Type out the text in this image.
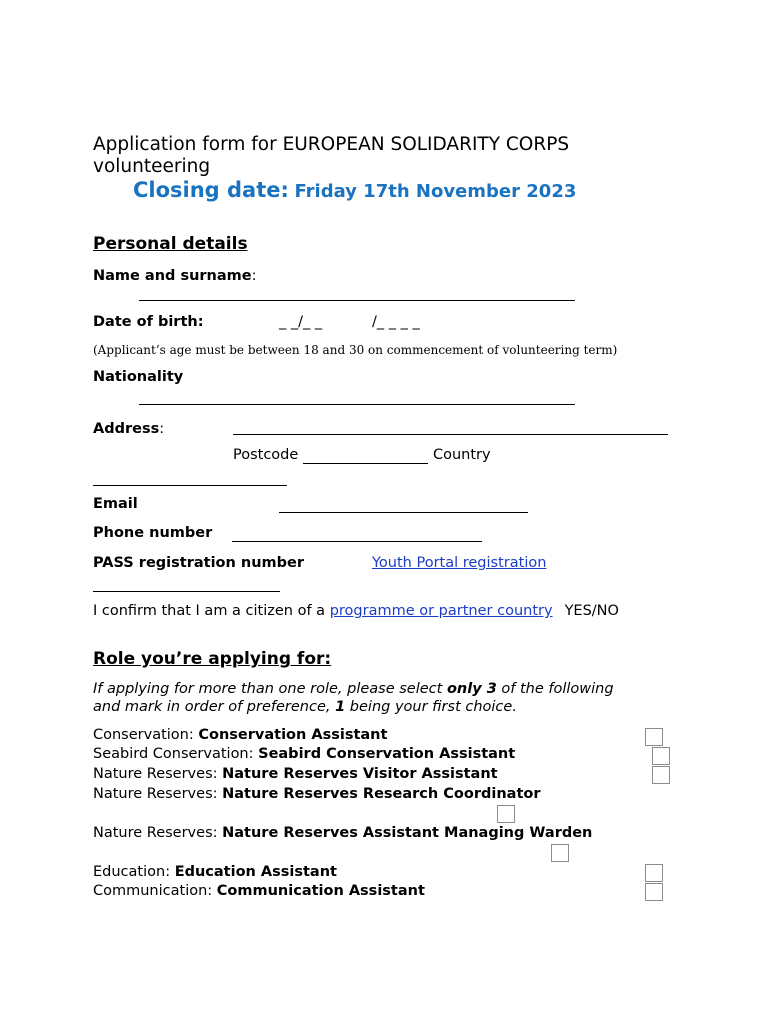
Application form for EUROPEAN SOLIDARITY CORPS
volunteering
Closing date: Friday 17th November 2023
Personal details
Name and surname:
Date of birth:	_ _/_ _	/_ _ _ _
(Applicant’s age must be between 18 and 30 on commencement of volunteering term)
Nationality
Address:
Postcode	Country
Email
Phone number
PASS registration number	Youth Portal registration
I confirm that I am a citizen of a programme or partner country YES/NO
Role you’re applying for:
If applying for more than one role, please select only 3 of the following
and mark in order of preference, 1 being your first choice.
Conservation: Conservation Assistant
Seabird Conservation: Seabird Conservation Assistant
Nature Reserves: Nature Reserves Visitor Assistant
Nature Reserves: Nature Reserves Research Coordinator
Nature Reserves: Nature Reserves Assistant Managing Warden
Education: Education Assistant
Communication: Communication Assistant
